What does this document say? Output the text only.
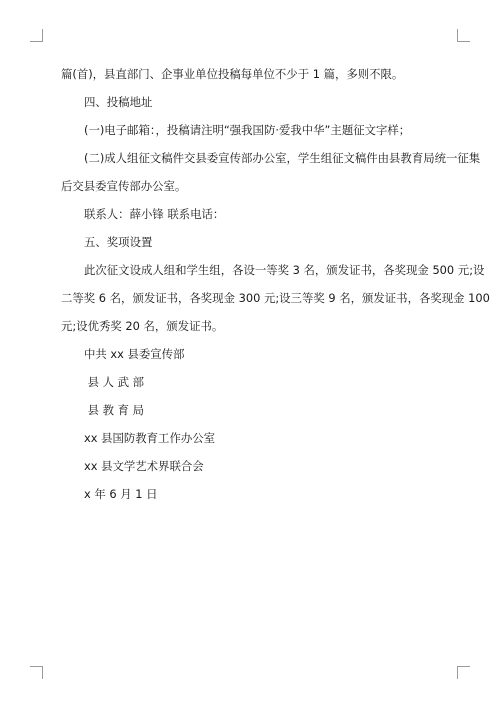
篇(首)，县直部门、企事业单位投稿每单位不少于 1 篇，多则不限。
四、投稿地址
(一)电子邮箱：，投稿请注明“强我国防·爱我中华”主题征文字样；
(二)成人组征文稿件交县委宣传部办公室，学生组征文稿件由县教育局统一征集
后交县委宣传部办公室。
联系人：薛小锋 联系电话：
五、奖项设置
此次征文设成人组和学生组，各设一等奖 3 名，颁发证书，各奖现金 500 元;设
二等奖 6 名，颁发证书，各奖现金 300 元;设三等奖 9 名，颁发证书，各奖现金 100
元;设优秀奖 20 名，颁发证书。
中共 xx 县委宣传部
县 人 武 部
县 教 育 局
xx 县国防教育工作办公室
xx 县文学艺术界联合会
x 年 6 月 1 日
